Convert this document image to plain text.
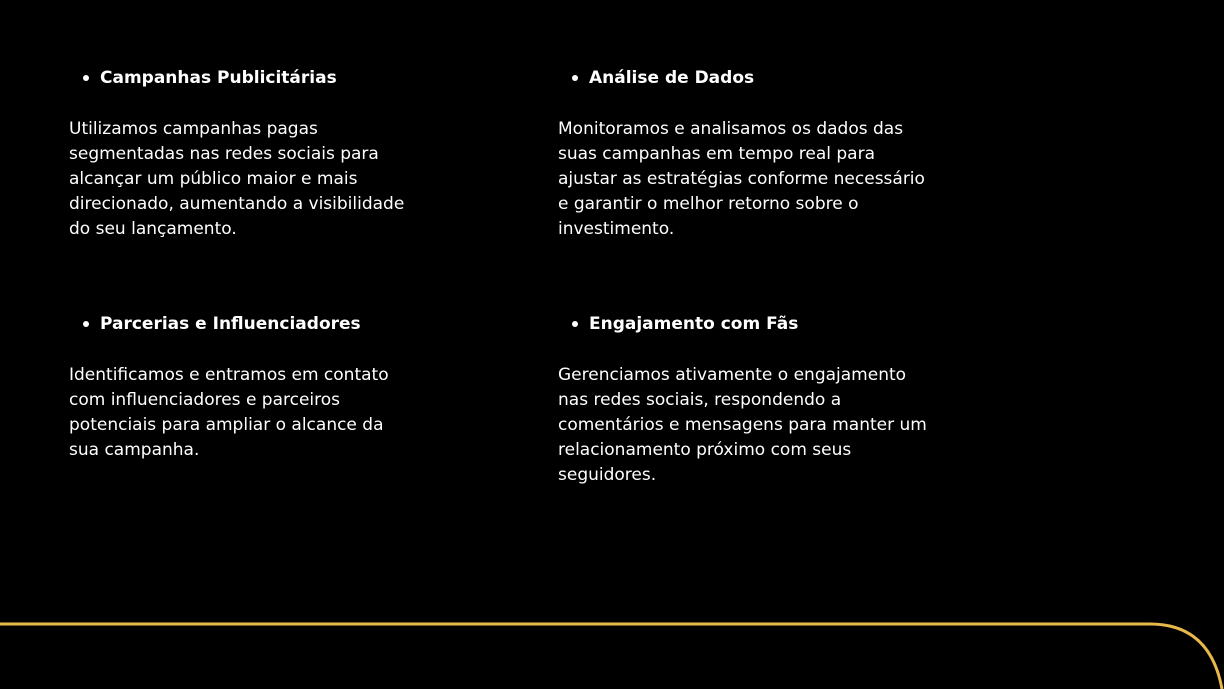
Campanhas Publicitárias
Utilizamos campanhas pagas segmentadas nas redes sociais para alcançar um público maior e mais direcionado, aumentando a visibilidade do seu lançamento.
Análise de Dados
Monitoramos e analisamos os dados das suas campanhas em tempo real para ajustar as estratégias conforme necessário e garantir o melhor retorno sobre o investimento.
Parcerias e Influenciadores
Identificamos e entramos em contato com influenciadores e parceiros potenciais para ampliar o alcance da sua campanha.
Engajamento com Fãs
Gerenciamos ativamente o engajamento nas redes sociais, respondendo a comentários e mensagens para manter um relacionamento próximo com seus seguidores.
